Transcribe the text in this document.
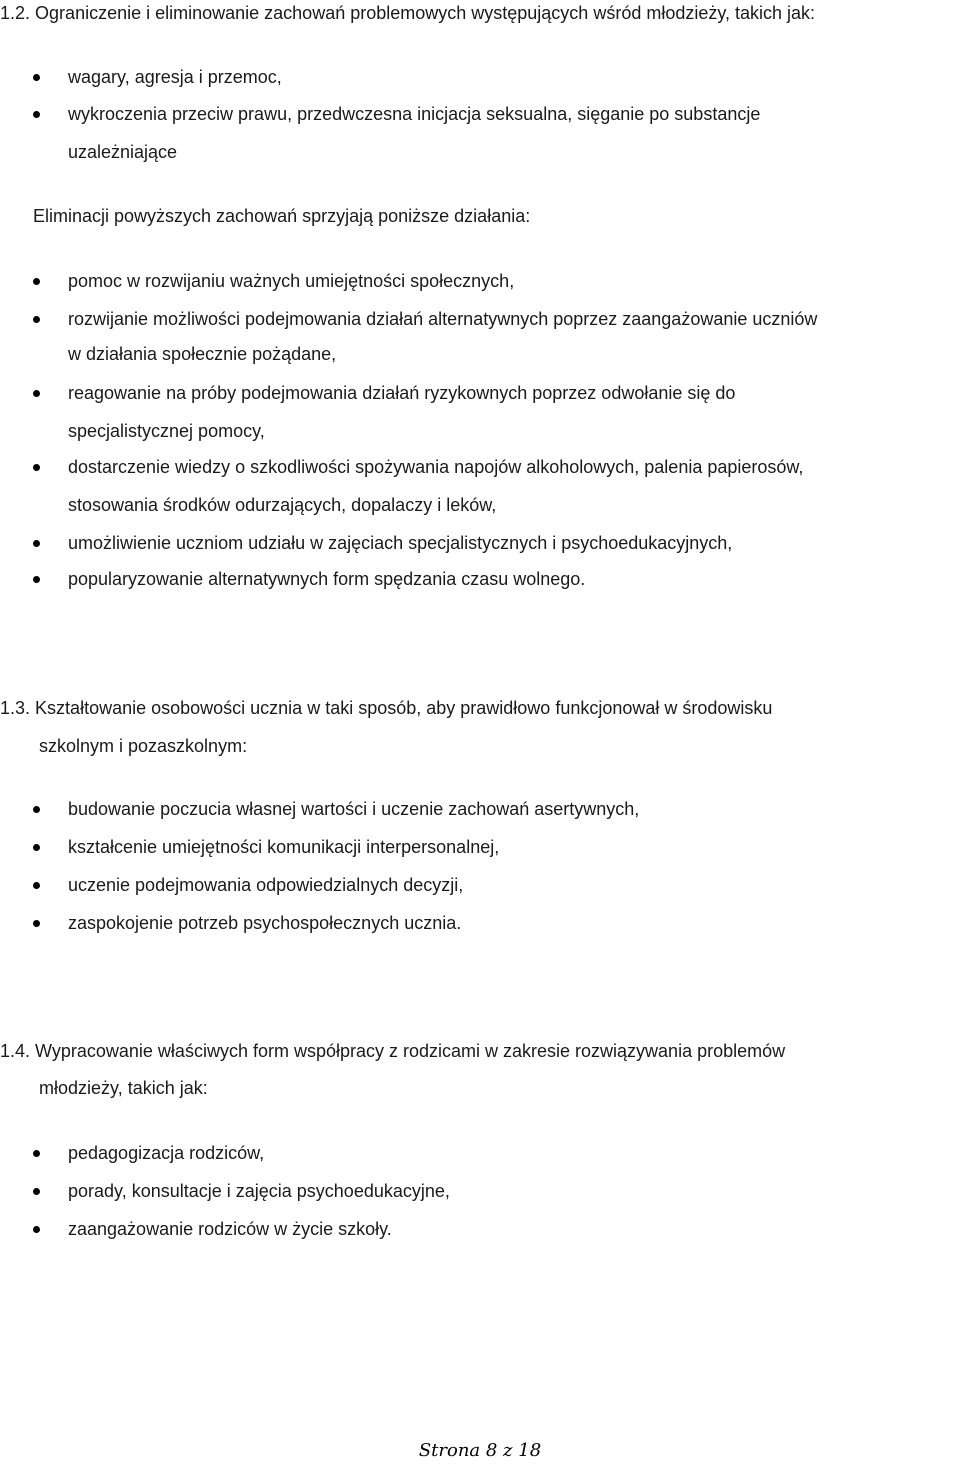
1.2. Ograniczenie i eliminowanie zachowań problemowych występujących wśród młodzieży, takich jak:
wagary, agresja i przemoc,
wykroczenia przeciw prawu, przedwczesna inicjacja seksualna, sięganie po substancje
uzależniające
Eliminacji powyższych zachowań sprzyjają poniższe działania:
pomoc w rozwijaniu ważnych umiejętności społecznych,
rozwijanie możliwości podejmowania działań alternatywnych poprzez zaangażowanie uczniów
w działania społecznie pożądane,
reagowanie na próby podejmowania działań ryzykownych poprzez odwołanie się do
specjalistycznej pomocy,
dostarczenie wiedzy o szkodliwości spożywania napojów alkoholowych, palenia papierosów,
stosowania środków odurzających, dopalaczy i leków,
umożliwienie uczniom udziału w zajęciach specjalistycznych i psychoedukacyjnych,
popularyzowanie alternatywnych form spędzania czasu wolnego.
1.3. Kształtowanie osobowości ucznia w taki sposób, aby prawidłowo funkcjonował w środowisku
szkolnym i pozaszkolnym:
budowanie poczucia własnej wartości i uczenie zachowań asertywnych,
kształcenie umiejętności komunikacji interpersonalnej,
uczenie podejmowania odpowiedzialnych decyzji,
zaspokojenie potrzeb psychospołecznych ucznia.
1.4. Wypracowanie właściwych form współpracy z rodzicami w zakresie rozwiązywania problemów
młodzieży, takich jak:
pedagogizacja rodziców,
porady, konsultacje i zajęcia psychoedukacyjne,
zaangażowanie rodziców w życie szkoły.
Strona 8 z 18
